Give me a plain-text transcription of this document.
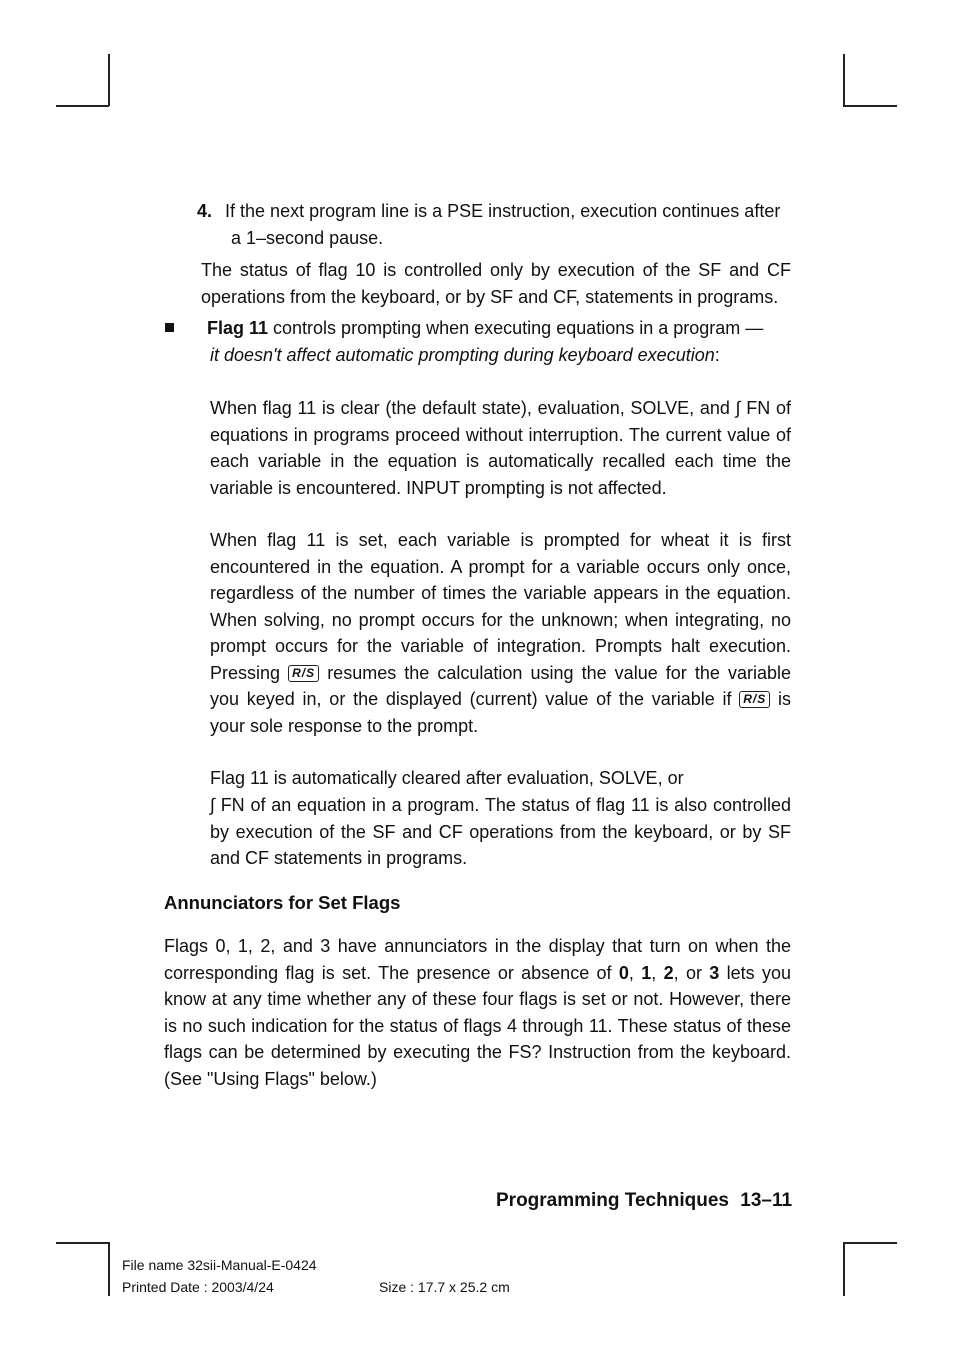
4. If the next program line is a PSE instruction, execution continues after
a 1–second pause.
The status of flag 10 is controlled only by execution of the SF and CF operations from the keyboard, or by SF and CF, statements in programs.
Flag 11 controls prompting when executing equations in a program —
it doesn't affect automatic prompting during keyboard execution:
When flag 11 is clear (the default state), evaluation, SOLVE, and ∫ FN of equations in programs proceed without interruption. The current value of each variable in the equation is automatically recalled each time the variable is encountered. INPUT prompting is not affected.
When flag 11 is set, each variable is prompted for wheat it is first encountered in the equation. A prompt for a variable occurs only once, regardless of the number of times the variable appears in the equation. When solving, no prompt occurs for the unknown; when integrating, no prompt occurs for the variable of integration. Prompts halt execution. Pressing R/S resumes the calculation using the value for the variable you keyed in, or the displayed (current) value of the variable if R/S is your sole response to the prompt.
Flag 11 is automatically cleared after evaluation, SOLVE, or
∫ FN of an equation in a program. The status of flag 11 is also controlled by execution of the SF and CF operations from the keyboard, or by SF and CF statements in programs.
Annunciators for Set Flags
Flags 0, 1, 2, and 3 have annunciators in the display that turn on when the corresponding flag is set. The presence or absence of 0, 1, 2, or 3 lets you know at any time whether any of these four flags is set or not. However, there is no such indication for the status of flags 4 through 11. These status of these flags can be determined by executing the FS? Instruction from the keyboard. (See "Using Flags" below.)
Programming Techniques 13–11
File name 32sii-Manual-E-0424
Printed Date : 2003/4/24	Size : 17.7 x 25.2 cm
